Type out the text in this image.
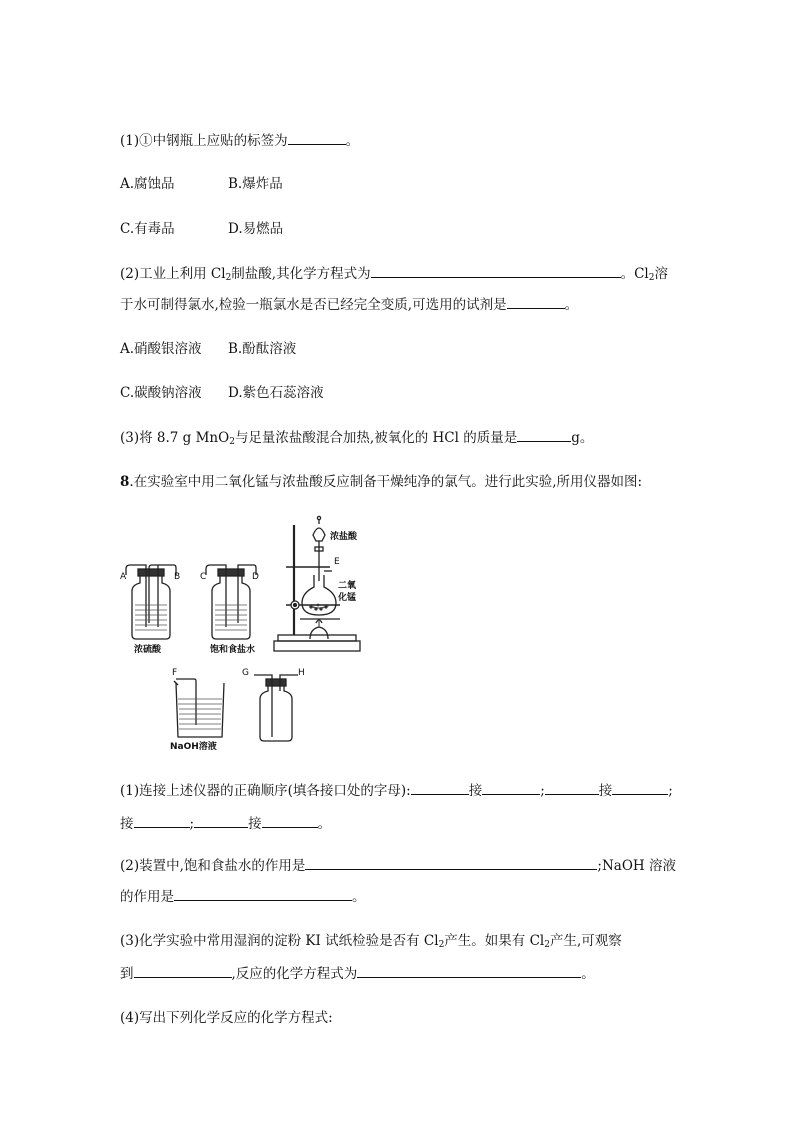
(1)①中钢瓶上应贴的标签为	。
A.腐蚀品	B.爆炸品
C.有毒品	D.易燃品
(2)工业上利用 $Cl_2$制盐酸,其化学方程式为	。$Cl_2$溶
于水可制得氯水,检验一瓶氯水是否已经完全变质,可选用的试剂是	。
A.硝酸银溶液 B.酚酞溶液
C.碳酸钠溶液 D.紫色石蕊溶液
(3)将 8.7 g MnO$_2$与足量浓盐酸混合加热,被氧化的 HCl 的质量是	g。
8.在实验室中用二氧化锰与浓盐酸反应制备干燥纯净的氯气。进行此实验,所用仪器如图:
A	B C	D
浓硫酸	饱和食盐水
浓盐酸
E
二氧
化锰
F
NaOH溶液
G	H
(1)连接上述仪器的正确顺序(填各接口处的字母):	接	;	接	;
接	;	接	。
(2)装置中,饱和食盐水的作用是	;NaOH 溶液
的作用是	。
(3)化学实验中常用湿润的淀粉 KI 试纸检验是否有 $Cl_2$产生。如果有 $Cl_2$产生,可观察
到	,反应的化学方程式为	。
(4)写出下列化学反应的化学方程式:
